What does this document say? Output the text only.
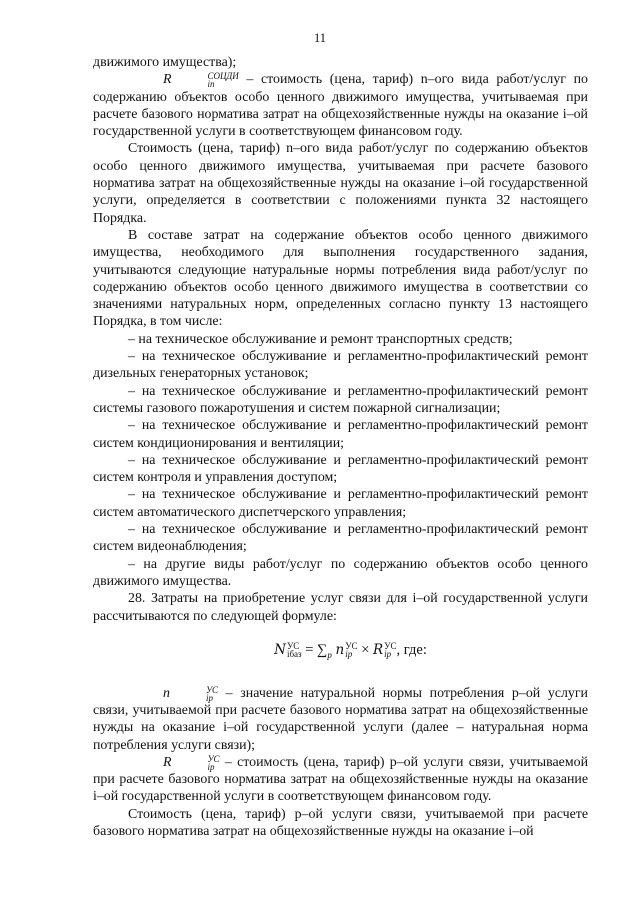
11

движимого имущества);

R	СОЦДИ
in	– стоимость (цена, тариф) n–ого вида работ/услуг по содержанию объектов особо ценного движимого имущества, учитываемая при расчете базового норматива затрат на общехозяйственные нужды на оказание i–ой государственной услуги в соответствующем финансовом году.

Стоимость (цена, тариф) n–ого вида работ/услуг по содержанию объектов особо ценного движимого имущества, учитываемая при расчете базового норматива затрат на общехозяйственные нужды на оказание i–ой государственной услуги, определяется в соответствии с положениями пункта 32 настоящего Порядка.

В составе затрат на содержание объектов особо ценного движимого имущества, необходимого для выполнения государственного задания, учитываются следующие натуральные нормы потребления вида работ/услуг по содержанию объектов особо ценного движимого имущества в соответствии со значениями натуральных норм, определенных согласно пункту 13 настоящего Порядка, в том числе:

– на техническое обслуживание и ремонт транспортных средств;

– на техническое обслуживание и регламентно-профилактический ремонт дизельных генераторных установок;

– на техническое обслуживание и регламентно-профилактический ремонт системы газового пожаротушения и систем пожарной сигнализации;

– на техническое обслуживание и регламентно-профилактический ремонт систем кондиционирования и вентиляции;

– на техническое обслуживание и регламентно-профилактический ремонт систем контроля и управления доступом;

– на техническое обслуживание и регламентно-профилактический ремонт систем автоматического диспетчерского управления;

– на техническое обслуживание и регламентно-профилактический ремонт систем видеонаблюдения;

– на другие виды работ/услуг по содержанию объектов особо ценного движимого имущества.

28. Затраты на приобретение услуг связи для i–ой государственной услуги рассчитываются по следующей формуле:

N УС
iбаз = $\sum_p$ n УС
ip × R УС
ip , где:

n	УС
ip – значение натуральной нормы потребления p–ой услуги связи, учитываемой при расчете базового норматива затрат на общехозяйственные нужды на оказание i–ой государственной услуги (далее – натуральная норма потребления услуги связи);

R	УС
ip – стоимость (цена, тариф) p–ой услуги связи, учитываемой при расчете базового норматива затрат на общехозяйственные нужды на оказание i–ой государственной услуги в соответствующем финансовом году.

Стоимость (цена, тариф) p–ой услуги связи, учитываемой при расчете базового норматива затрат на общехозяйственные нужды на оказание i–ой
